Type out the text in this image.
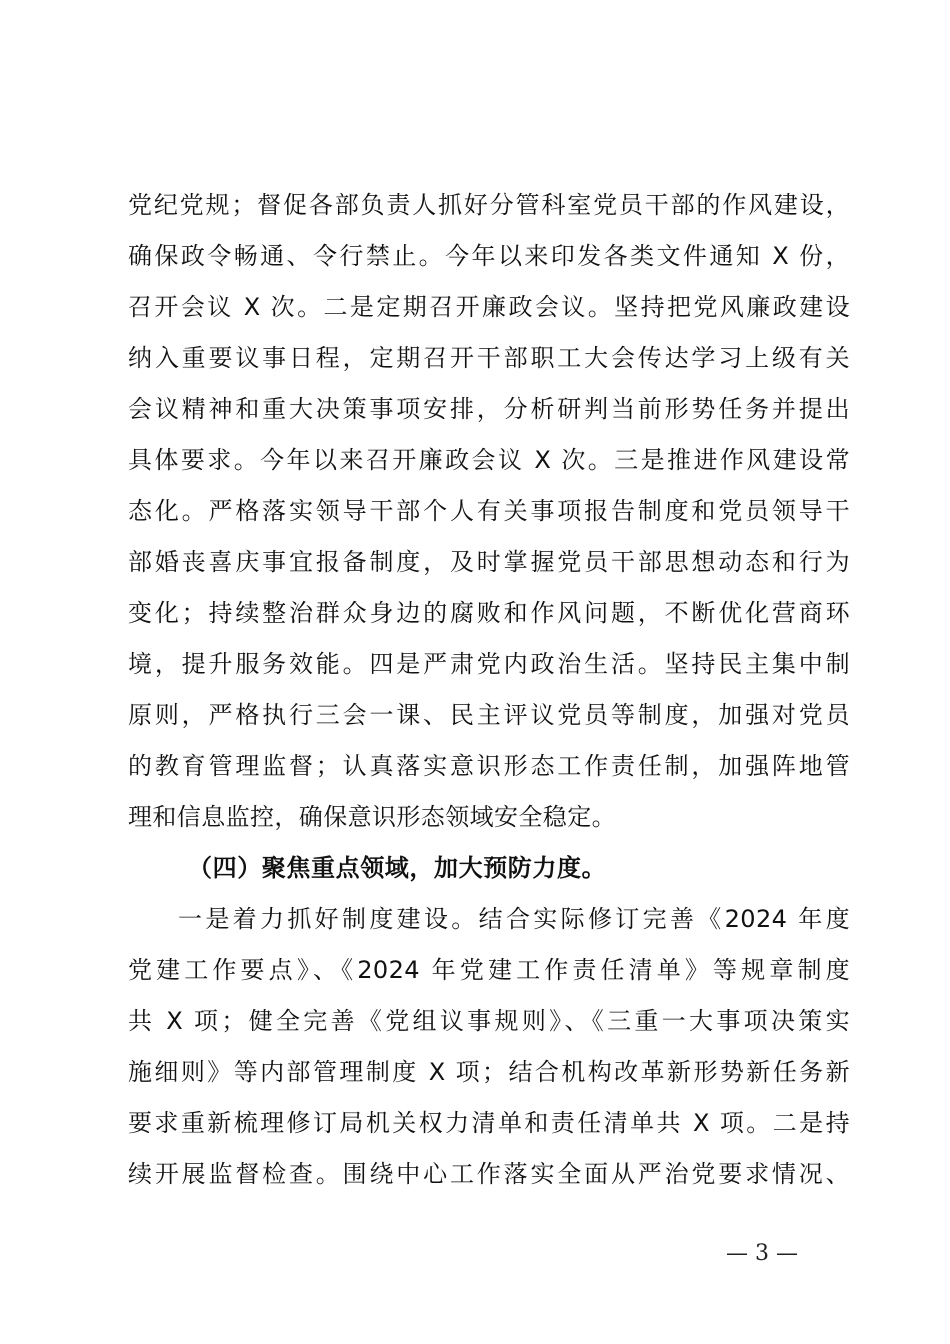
党纪党规；督促各部负责人抓好分管科室党员干部的作风建设，
确保政令畅通、令行禁止。今年以来印发各类文件通知 X 份，
召开会议 X 次。二是定期召开廉政会议。坚持把党风廉政建设
纳入重要议事日程，定期召开干部职工大会传达学习上级有关
会议精神和重大决策事项安排，分析研判当前形势任务并提出
具体要求。今年以来召开廉政会议 X 次。三是推进作风建设常
态化。严格落实领导干部个人有关事项报告制度和党员领导干
部婚丧喜庆事宜报备制度，及时掌握党员干部思想动态和行为
变化；持续整治群众身边的腐败和作风问题，不断优化营商环
境，提升服务效能。四是严肃党内政治生活。坚持民主集中制
原则，严格执行三会一课、民主评议党员等制度，加强对党员
的教育管理监督；认真落实意识形态工作责任制，加强阵地管
理和信息监控，确保意识形态领域安全稳定。
（四）聚焦重点领域，加大预防力度。
一是着力抓好制度建设。结合实际修订完善《2024 年度
党建工作要点》、《2024 年党建工作责任清单》等规章制度
共 X 项；健全完善《党组议事规则》、《三重一大事项决策实
施细则》等内部管理制度 X 项；结合机构改革新形势新任务新
要求重新梳理修订局机关权力清单和责任清单共 X 项。二是持
续开展监督检查。围绕中心工作落实全面从严治党要求情况、
— 3 —
